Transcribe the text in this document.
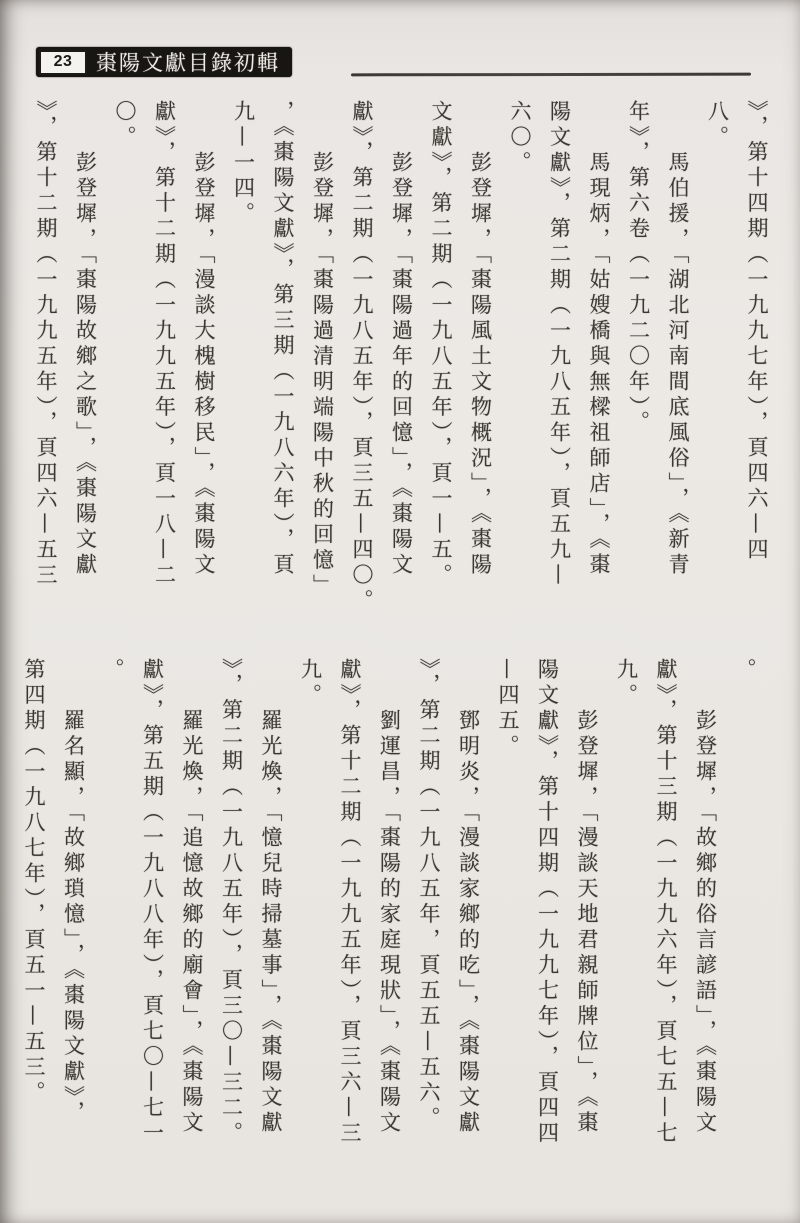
23 棗陽文獻目錄初輯
》，第十四期（一九九七年），頁四六—四
八。
馬伯援，「湖北河南間底風俗」，《新青
年》，第六卷（一九二〇年）。
馬現炳，「姑嫂橋與無樑祖師店」，《棗
陽文獻》，第二期（一九八五年），頁五九—
六〇。
彭登墀，「棗陽風土文物概況」，《棗陽
文獻》，第二期（一九八五年），頁一—五。
彭登墀，「棗陽過年的回憶」，《棗陽文
獻》，第二期（一九八五年），頁三五—四〇。
彭登墀，「棗陽過清明端陽中秋的回憶」
，《棗陽文獻》，第三期（一九八六年），頁
九—一四。
彭登墀，「漫談大槐樹移民」，《棗陽文
獻》，第十二期（一九九五年），頁一八—二
〇。
彭登墀，「棗陽故鄉之歌」，《棗陽文獻
》，第十二期（一九九五年），頁四六—五三
。
彭登墀，「故鄉的俗言諺語」，《棗陽文
獻》，第十三期（一九九六年），頁七五—七
九。
彭登墀，「漫談天地君親師牌位」，《棗
陽文獻》，第十四期（一九九七年），頁四四
—四五。
鄧明炎，「漫談家鄉的吃」，《棗陽文獻
》，第二期（一九八五年，頁五五—五六。
劉運昌，「棗陽的家庭現狀」，《棗陽文
獻》，第十二期（一九九五年），頁三六—三
九。
羅光煥，「憶兒時掃墓事」，《棗陽文獻
》，第二期（一九八五年），頁三〇—三二。
羅光煥，「追憶故鄉的廟會」，《棗陽文
獻》，第五期（一九八八年），頁七〇—七一
。
羅名顯，「故鄉瑣憶」，《棗陽文獻》，
第四期（一九八七年），頁五一—五三。
